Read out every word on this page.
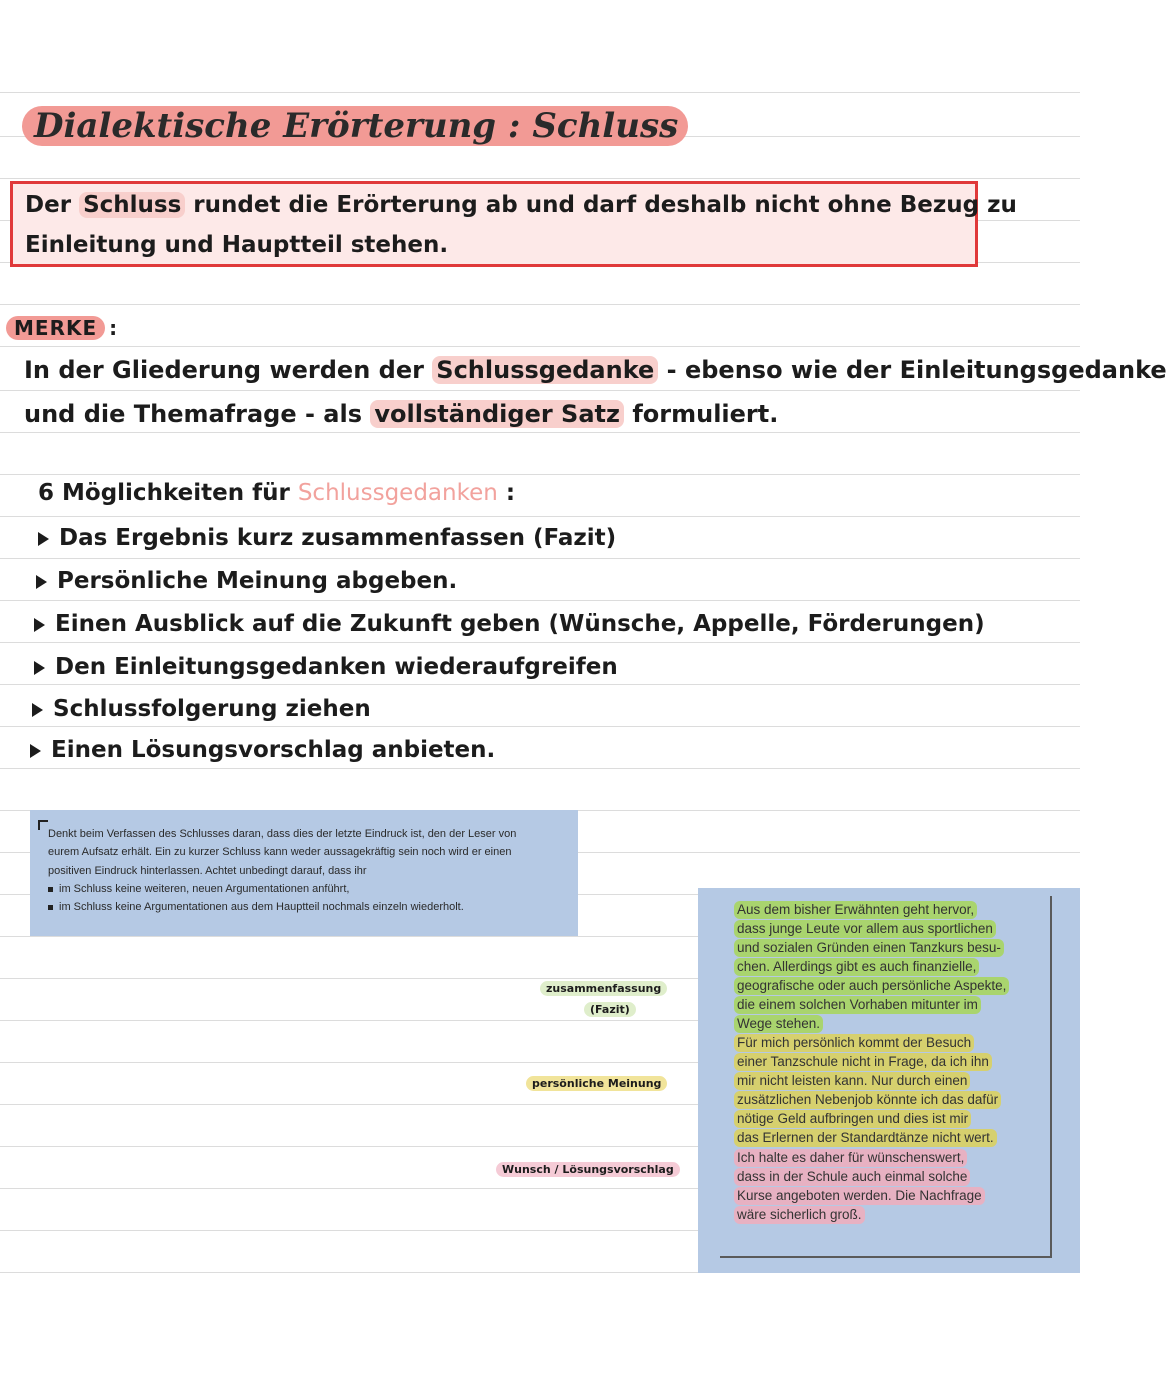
Dialektische Erörterung : Schluss
Der Schluss rundet die Erörterung ab und darf deshalb nicht ohne Bezug zu
Einleitung und Hauptteil stehen.
MERKE :
In der Gliederung werden der Schlussgedanke - ebenso wie der Einleitungsgedanke
und die Themafrage - als vollständiger Satz formuliert.
6 Möglichkeiten für Schlussgedanken :
Das Ergebnis kurz zusammenfassen (Fazit)
Persönliche Meinung abgeben.
Einen Ausblick auf die Zukunft geben (Wünsche, Appelle, Förderungen)
Den Einleitungsgedanken wiederaufgreifen
Schlussfolgerung ziehen
Einen Lösungsvorschlag anbieten.
Denkt beim Verfassen des Schlusses daran, dass dies der letzte Eindruck ist, den der Leser von
eurem Aufsatz erhält. Ein zu kurzer Schluss kann weder aussagekräftig sein noch wird er einen
positiven Eindruck hinterlassen. Achtet unbedingt darauf, dass ihr
im Schluss keine weiteren, neuen Argumentationen anführt,
im Schluss keine Argumentationen aus dem Hauptteil nochmals einzeln wiederholt.
zusammenfassung
(Fazit)
persönliche Meinung
Wunsch / Lösungsvorschlag
Aus dem bisher Erwähnten geht hervor,
dass junge Leute vor allem aus sportlichen
und sozialen Gründen einen Tanzkurs besu-
chen. Allerdings gibt es auch finanzielle,
geografische oder auch persönliche Aspekte,
die einem solchen Vorhaben mitunter im
Wege stehen.
Für mich persönlich kommt der Besuch
einer Tanzschule nicht in Frage, da ich ihn
mir nicht leisten kann. Nur durch einen
zusätzlichen Nebenjob könnte ich das dafür
nötige Geld aufbringen und dies ist mir
das Erlernen der Standardtänze nicht wert.
Ich halte es daher für wünschenswert,
dass in der Schule auch einmal solche
Kurse angeboten werden. Die Nachfrage
wäre sicherlich groß.
